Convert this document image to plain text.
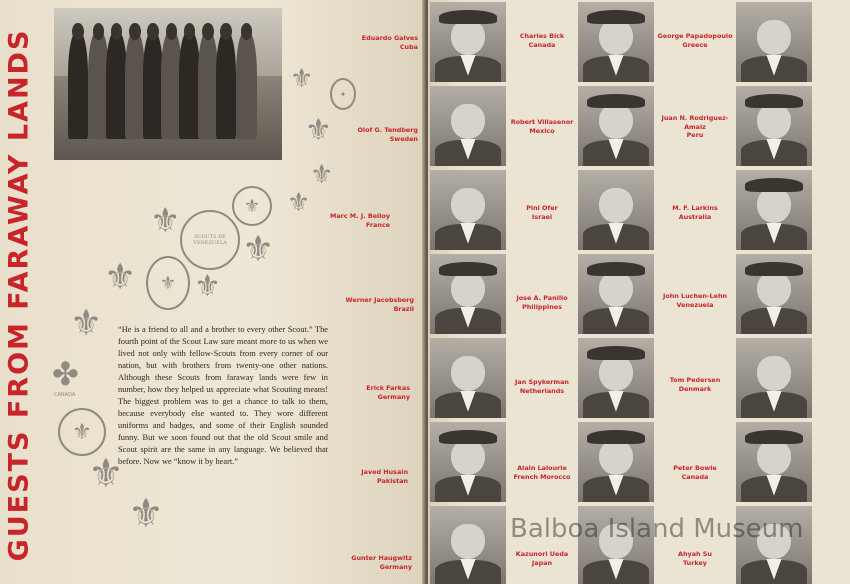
GUESTS FROM FARAWAY LANDS	⚜	✦
⚜
⚜
⚜
⚜
⚜	SCOUTS DE VENEZUELA ⚜
⚜	⚜ ⚜
⚜
✤
CANADA
⚜
⚜
⚜
“He is a friend to all and a brother to every other Scout.” The fourth point of the Scout Law sure meant more to us when we lived not only with fellow-Scouts from every corner of our nation, but with brothers from twenty-one other nations. Although these Scouts from faraway lands were few in number, how they helped us appreciate what Scouting means! The biggest problem was to get a chance to talk to them, because everybody else wanted to. They wore different uniforms and badges, and some of their English sounded funny. But we soon found out that the old Scout smile and Scout spirit are the same in any language. We believed that before. Now we “know it by heart.”
Eduardo Galves
Cuba
Olof G. Tendberg
Sweden
Marc M. J. Belloy
France
Werner Jacobsberg
Brazil
Erick Farkas
Germany
Javed Husain
Pakistan
Gunter Haugwitz
Germany
Charles Bick
Canada
Robert Villasenor
Mexico
Pini Ofer
Israel
Jose A. Panilio
Philippines
Jan Spykerman
Netherlands
Alain Lalourie
French Morocco
Kazunori Ueda
Japan
George Papadopoulo
Greece
Juan N. Rodriguez-Amaiz
Peru
M. F. Larkins
Australia
John Luchen-Lehn
Venezuela
Tom Pedersen
Denmark
Peter Bowie
Canada
Ahyah Su
Turkey
Balboa Island Museum
